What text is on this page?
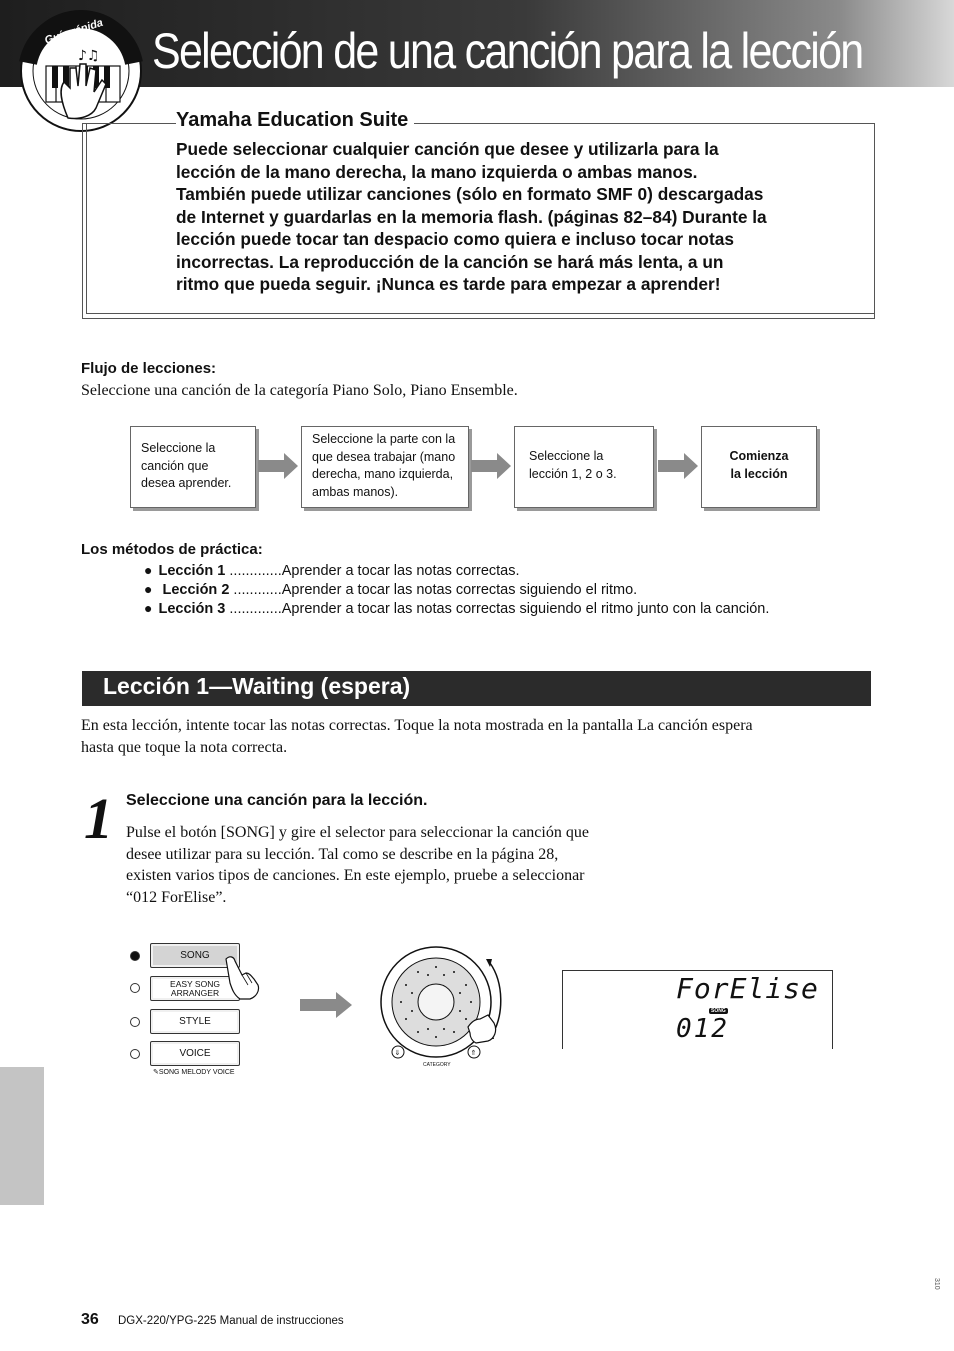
Guía rápida
♪♫ Selección de una canción para la lección
Yamaha Education Suite
Puede seleccionar cualquier canción que desee y utilizarla para la
lección de la mano derecha, la mano izquierda o ambas manos.
También puede utilizar canciones (sólo en formato SMF 0) descargadas
de Internet y guardarlas en la memoria flash. (páginas 82–84) Durante la
lección puede tocar tan despacio como quiera e incluso tocar notas
incorrectas. La reproducción de la canción se hará más lenta, a un
ritmo que pueda seguir. ¡Nunca es tarde para empezar a aprender!
Flujo de lecciones:
Seleccione una canción de la categoría Piano Solo, Piano Ensemble.
Seleccione la
canción que
desea aprender.
Seleccione la parte con la
que desea trabajar (mano
derecha, mano izquierda,
ambas manos).
Seleccione la
lección 1, 2 o 3.
Comienza
la lección
Los métodos de práctica:
● Lección 1 .............Aprender a tocar las notas correctas.
● Lección 2 ............Aprender a tocar las notas correctas siguiendo el ritmo.
● Lección 3 .............Aprender a tocar las notas correctas siguiendo el ritmo junto con la canción.
Lección 1—Waiting (espera)
En esta lección, intente tocar las notas correctas. Toque la nota mostrada en la pantalla La canción espera
hasta que toque la nota correcta.
1 Seleccione una canción para la lección.
Pulse el botón [SONG] y gire el selector para seleccionar la canción que
desee utilizar para su lección. Tal como se describe en la página 28,
existen varios tipos de canciones. En este ejemplo, pruebe a seleccionar
“012 ForElise”.
SONG
EASY SONG
ARRANGER
STYLE
VOICE
✎SONG MELODY VOICE
⇓	⇑
CATEGORY
ForElise
SONG
012
36 DGX-220/YPG-225 Manual de instrucciones
310
